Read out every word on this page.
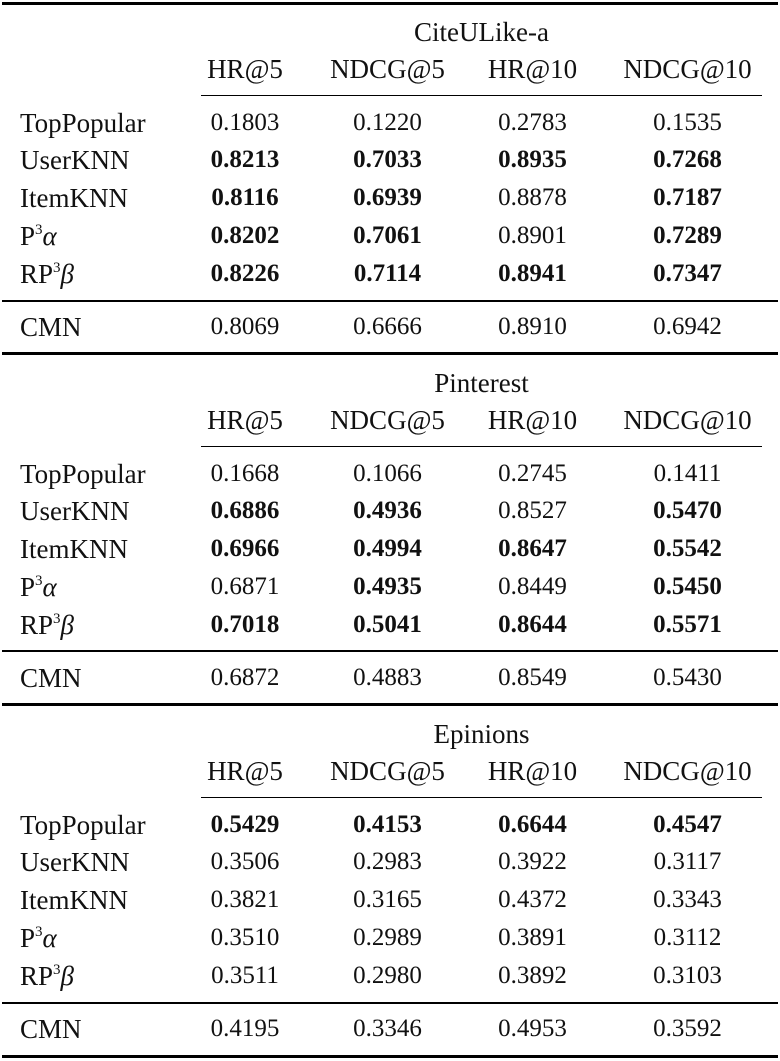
CiteULike-a
HR@5	NDCG@5	HR@10	NDCG@10
TopPopular	0.1803	0.1220	0.2783	0.1535
UserKNN	0.8213	0.7033	0.8935	0.7268
ItemKNN	0.8116	0.6939	0.8878	0.7187
$P^3\alpha$	0.8202	0.7061	0.8901	0.7289
$RP^3\beta$	0.8226	0.7114	0.8941	0.7347
CMN	0.8069	0.6666	0.8910	0.6942
Pinterest
HR@5	NDCG@5	HR@10	NDCG@10
TopPopular	0.1668	0.1066	0.2745	0.1411
UserKNN	0.6886	0.4936	0.8527	0.5470
ItemKNN	0.6966	0.4994	0.8647	0.5542
$P^3\alpha$	0.6871	0.4935	0.8449	0.5450
$RP^3\beta$	0.7018	0.5041	0.8644	0.5571
CMN	0.6872	0.4883	0.8549	0.5430
Epinions
HR@5	NDCG@5	HR@10	NDCG@10
TopPopular	0.5429	0.4153	0.6644	0.4547
UserKNN	0.3506	0.2983	0.3922	0.3117
ItemKNN	0.3821	0.3165	0.4372	0.3343
$P^3\alpha$	0.3510	0.2989	0.3891	0.3112
$RP^3\beta$	0.3511	0.2980	0.3892	0.3103
CMN	0.4195	0.3346	0.4953	0.3592
